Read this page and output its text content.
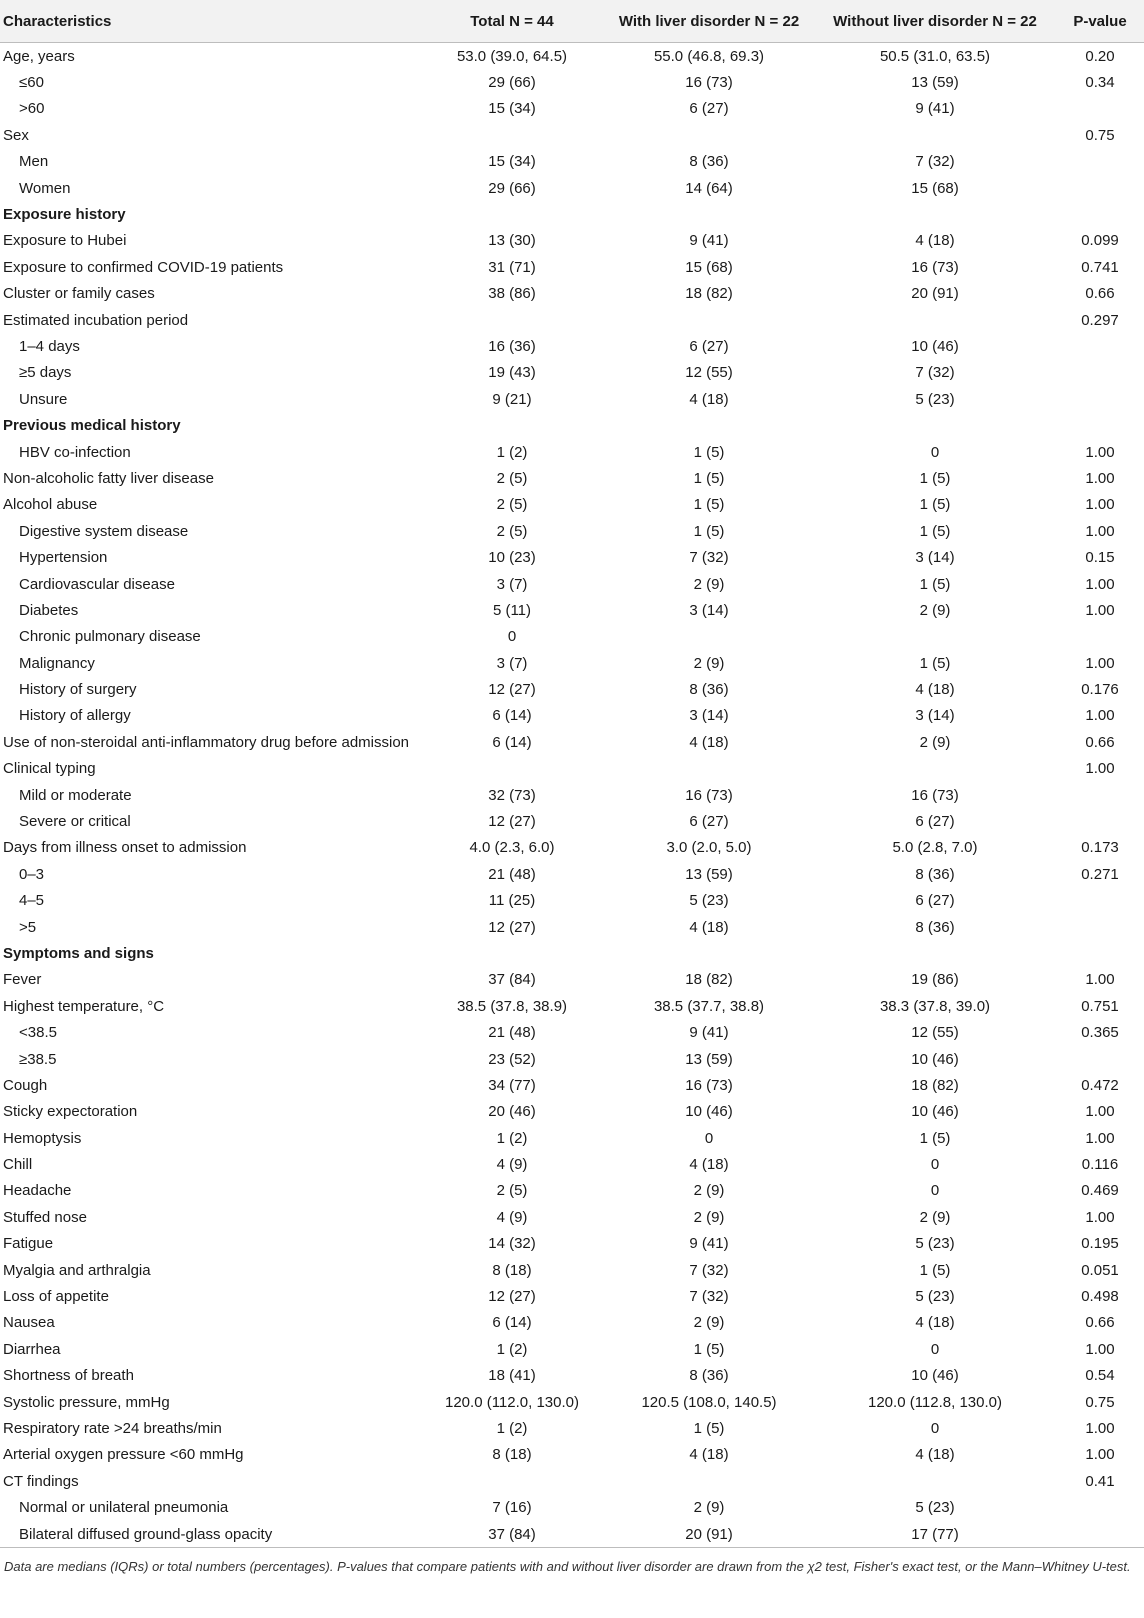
Characteristics	Total N = 44	With liver disorder N = 22	Without liver disorder N = 22	P-value
Age, years	53.0 (39.0, 64.5)	55.0 (46.8, 69.3)	50.5 (31.0, 63.5)	0.20
≤60	29 (66)	16 (73)	13 (59)	0.34
>60	15 (34)	6 (27)	9 (41)	
Sex				0.75
Men	15 (34)	8 (36)	7 (32)	
Women	29 (66)	14 (64)	15 (68)	
Exposure history				
Exposure to Hubei	13 (30)	9 (41)	4 (18)	0.099
Exposure to confirmed COVID-19 patients	31 (71)	15 (68)	16 (73)	0.741
Cluster or family cases	38 (86)	18 (82)	20 (91)	0.66
Estimated incubation period				0.297
1–4 days	16 (36)	6 (27)	10 (46)	
≥5 days	19 (43)	12 (55)	7 (32)	
Unsure	9 (21)	4 (18)	5 (23)	
Previous medical history				
HBV co-infection	1 (2)	1 (5)	0	1.00
Non-alcoholic fatty liver disease	2 (5)	1 (5)	1 (5)	1.00
Alcohol abuse	2 (5)	1 (5)	1 (5)	1.00
Digestive system disease	2 (5)	1 (5)	1 (5)	1.00
Hypertension	10 (23)	7 (32)	3 (14)	0.15
Cardiovascular disease	3 (7)	2 (9)	1 (5)	1.00
Diabetes	5 (11)	3 (14)	2 (9)	1.00
Chronic pulmonary disease	0			
Malignancy	3 (7)	2 (9)	1 (5)	1.00
History of surgery	12 (27)	8 (36)	4 (18)	0.176
History of allergy	6 (14)	3 (14)	3 (14)	1.00
Use of non-steroidal anti-inflammatory drug before admission	6 (14)	4 (18)	2 (9)	0.66
Clinical typing				1.00
Mild or moderate	32 (73)	16 (73)	16 (73)	
Severe or critical	12 (27)	6 (27)	6 (27)	
Days from illness onset to admission	4.0 (2.3, 6.0)	3.0 (2.0, 5.0)	5.0 (2.8, 7.0)	0.173
0–3	21 (48)	13 (59)	8 (36)	0.271
4–5	11 (25)	5 (23)	6 (27)	
>5	12 (27)	4 (18)	8 (36)	
Symptoms and signs				
Fever	37 (84)	18 (82)	19 (86)	1.00
Highest temperature, °C	38.5 (37.8, 38.9)	38.5 (37.7, 38.8)	38.3 (37.8, 39.0)	0.751
<38.5	21 (48)	9 (41)	12 (55)	0.365
≥38.5	23 (52)	13 (59)	10 (46)	
Cough	34 (77)	16 (73)	18 (82)	0.472
Sticky expectoration	20 (46)	10 (46)	10 (46)	1.00
Hemoptysis	1 (2)	0	1 (5)	1.00
Chill	4 (9)	4 (18)	0	0.116
Headache	2 (5)	2 (9)	0	0.469
Stuffed nose	4 (9)	2 (9)	2 (9)	1.00
Fatigue	14 (32)	9 (41)	5 (23)	0.195
Myalgia and arthralgia	8 (18)	7 (32)	1 (5)	0.051
Loss of appetite	12 (27)	7 (32)	5 (23)	0.498
Nausea	6 (14)	2 (9)	4 (18)	0.66
Diarrhea	1 (2)	1 (5)	0	1.00
Shortness of breath	18 (41)	8 (36)	10 (46)	0.54
Systolic pressure, mmHg	120.0 (112.0, 130.0)	120.5 (108.0, 140.5)	120.0 (112.8, 130.0)	0.75
Respiratory rate >24 breaths/min	1 (2)	1 (5)	0	1.00
Arterial oxygen pressure <60 mmHg	8 (18)	4 (18)	4 (18)	1.00
CT findings				0.41
Normal or unilateral pneumonia	7 (16)	2 (9)	5 (23)	
Bilateral diffused ground-glass opacity	37 (84)	20 (91)	17 (77)	
Data are medians (IQRs) or total numbers (percentages). P-values that compare patients with and without liver disorder are drawn from the χ2 test, Fisher's exact test, or the Mann–Whitney U-test.
